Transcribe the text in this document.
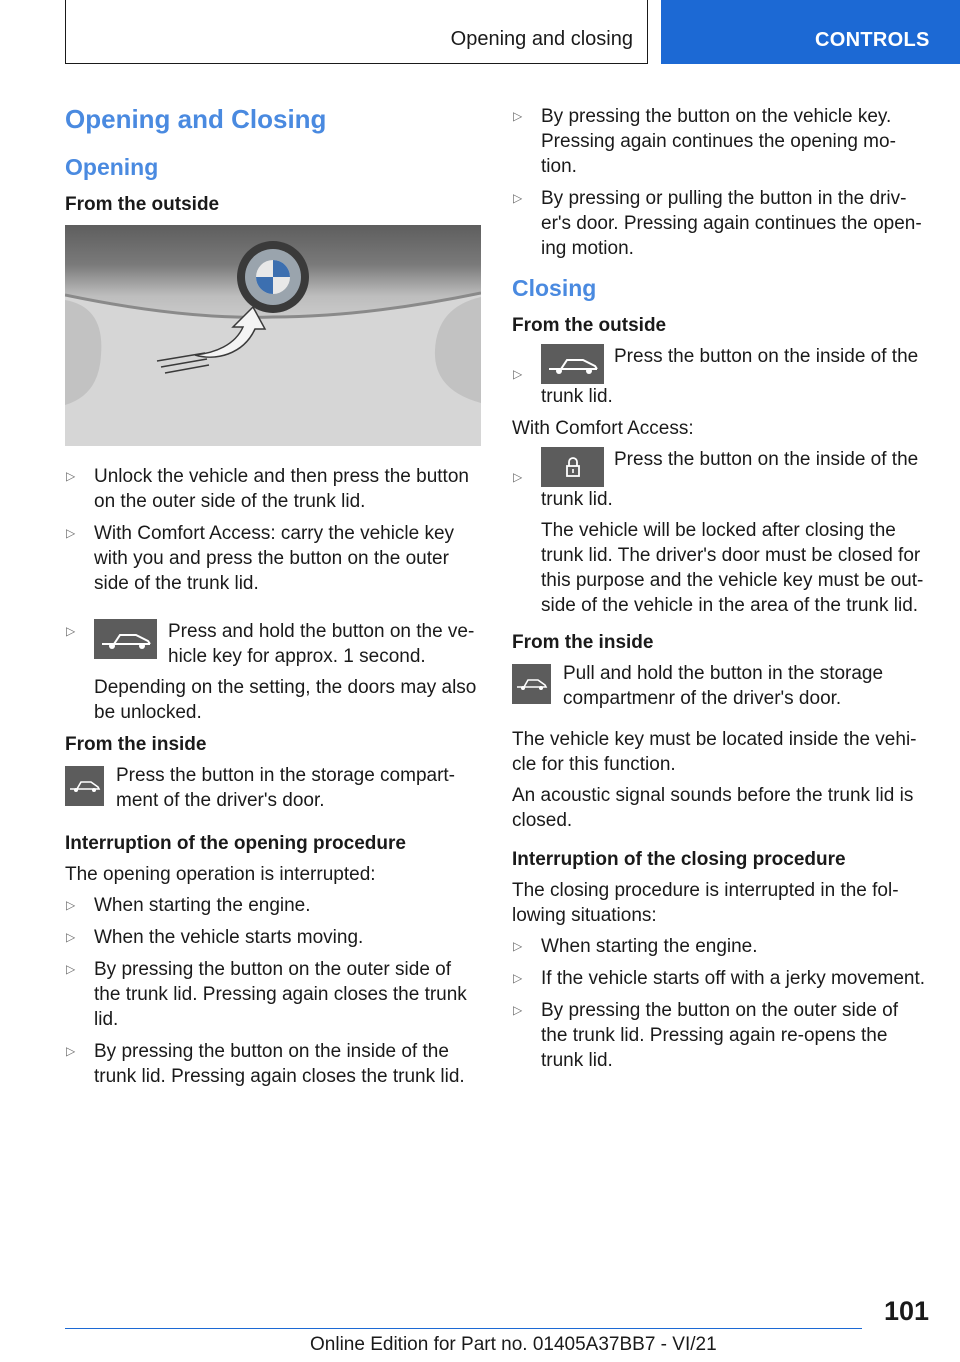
Opening and closing	CONTROLS
Opening and Closing
Opening
From the outside
▷ Unlock the vehicle and then press the button on the outer side of the trunk lid.
▷ With Comfort Access: carry the vehicle key with you and press the button on the outer side of the trunk lid.
▷	Press and hold the button on the ve‐hicle key for approx. 1 second.

Depending on the setting, the doors may also be unlocked.

From the inside
Press the button in the storage compart‐ment of the driver's door.
Interruption of the opening procedure

The opening operation is interrupted:

▷ When starting the engine.
▷ When the vehicle starts moving.
▷ By pressing the button on the outer side of the trunk lid. Pressing again closes the trunk lid.
▷ By pressing the button on the inside of the trunk lid. Pressing again closes the trunk lid.
▷ By pressing the button on the vehicle key. Pressing again continues the opening mo‐tion.
▷ By pressing or pulling the button in the driv‐er's door. Pressing again continues the open‐ing motion.
Closing
From the outside
▷
Press the button on the inside of the trunk lid.

With Comfort Access:

▷
Press the button on the inside of the trunk lid.

The vehicle will be locked after closing the trunk lid. The driver's door must be closed for this purpose and the vehicle key must be out‐side of the vehicle in the area of the trunk lid.

From the inside
Pull and hold the button in the storage compartmenr of the driver's door.

The vehicle key must be located inside the vehi‐cle for this function.

An acoustic signal sounds before the trunk lid is closed.

Interruption of the closing procedure

The closing procedure is interrupted in the fol‐lowing situations:

▷ When starting the engine.
▷ If the vehicle starts off with a jerky movement.
▷ By pressing the button on the outer side of the trunk lid. Pressing again re-opens the trunk lid.
101
Online Edition for Part no. 01405A37BB7 - VI/21
